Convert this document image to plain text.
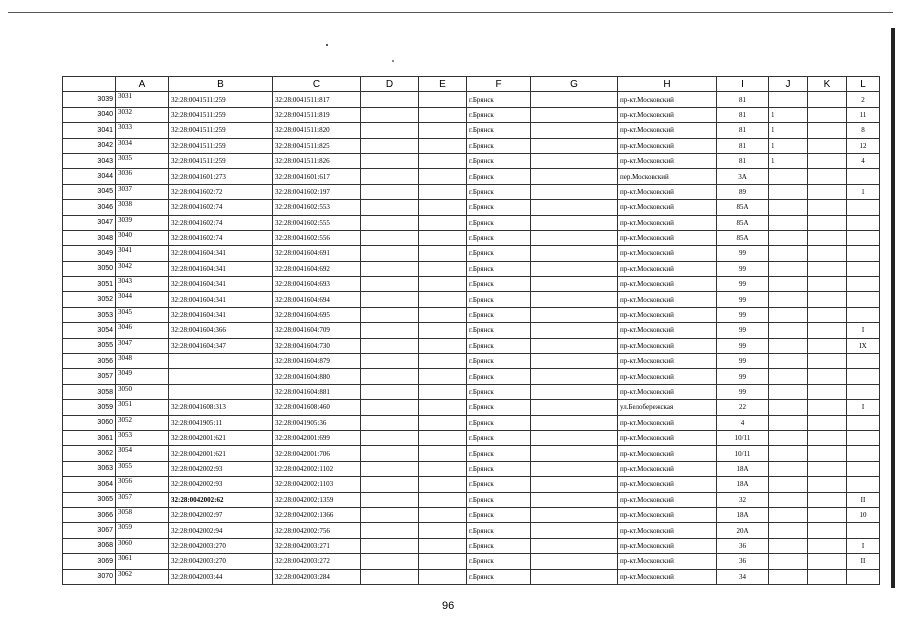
	A	B	C	D	E	F	G	H	I	J	K	L
3039	3031	32:28:0041511:259	32:28:0041511:817			г.Брянск		пр-кт.Московский	81			2
3040	3032	32:28:0041511:259	32:28:0041511:819			г.Брянск		пр-кт.Московский	81	1		11
3041	3033	32:28:0041511:259	32:28:0041511:820			г.Брянск		пр-кт.Московский	81	1		8
3042	3034	32:28:0041511:259	32:28:0041511:825			г.Брянск		пр-кт.Московский	81	1		12
3043	3035	32:28:0041511:259	32:28:0041511:826			г.Брянск		пр-кт.Московский	81	1		4
3044	3036	32:28:0041601:273	32:28:0041601:617			г.Брянск		пер.Московский	3А			
3045	3037	32:28:0041602:72	32:28:0041602:197			г.Брянск		пр-кт.Московский	89			1
3046	3038	32:28:0041602:74	32:28:0041602:553			г.Брянск		пр-кт.Московский	85А			
3047	3039	32:28:0041602:74	32:28:0041602:555			г.Брянск		пр-кт.Московский	85А			
3048	3040	32:28:0041602:74	32:28:0041602:556			г.Брянск		пр-кт.Московский	85А			
3049	3041	32:28:0041604:341	32:28:0041604:691			г.Брянск		пр-кт.Московский	99			
3050	3042	32:28:0041604:341	32:28:0041604:692			г.Брянск		пр-кт.Московский	99			
3051	3043	32:28:0041604:341	32:28:0041604:693			г.Брянск		пр-кт.Московский	99			
3052	3044	32:28:0041604:341	32:28:0041604:694			г.Брянск		пр-кт.Московский	99			
3053	3045	32:28:0041604:341	32:28:0041604:695			г.Брянск		пр-кт.Московский	99			
3054	3046	32:28:0041604:366	32:28:0041604:709			г.Брянск		пр-кт.Московский	99			I
3055	3047	32:28:0041604:347	32:28:0041604:730			г.Брянск		пр-кт.Московский	99			IX
3056	3048		32:28:0041604:879			г.Брянск		пр-кт.Московский	99			
3057	3049		32:28:0041604:880			г.Брянск		пр-кт.Московский	99			
3058	3050		32:28:0041604:881			г.Брянск		пр-кт.Московский	99			
3059	3051	32:28:0041608:313	32:28:0041608:460			г.Брянск		ул.Белобережская	22			I
3060	3052	32:28:0041905:11	32:28:0041905:36			г.Брянск		пр-кт.Московский	4			
3061	3053	32:28:0042001:621	32:28:0042001:699			г.Брянск		пр-кт.Московский	10/11			
3062	3054	32:28:0042001:621	32:28:0042001:706			г.Брянск		пр-кт.Московский	10/11			
3063	3055	32:28:0042002:93	32:28:0042002:1102			г.Брянск		пр-кт.Московский	18А			
3064	3056	32:28:0042002:93	32:28:0042002:1103			г.Брянск		пр-кт.Московский	18А			
3065	3057	32:28:0042002:62	32:28:0042002:1359			г.Брянск		пр-кт.Московский	32			II
3066	3058	32:28:0042002:97	32:28:0042002:1366			г.Брянск		пр-кт.Московский	18А			10
3067	3059	32:28:0042002:94	32:28:0042002:756			г.Брянск		пр-кт.Московский	20А			
3068	3060	32:28:0042003:270	32:28:0042003:271			г.Брянск		пр-кт.Московский	36			I
3069	3061	32:28:0042003:270	32:28:0042003:272			г.Брянск		пр-кт.Московский	36			II
3070	3062	32:28:0042003:44	32:28:0042003:284			г.Брянск		пр-кт.Московский	34			
96
